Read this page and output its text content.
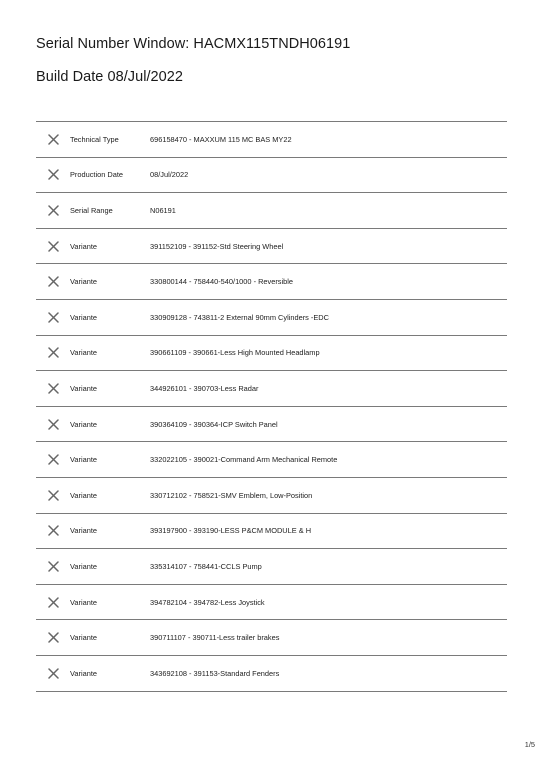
Serial Number Window: HACMX115TNDH06191
Build Date 08/Jul/2022
Technical Type	696158470 - MAXXUM 115 MC BAS MY22
Production Date	08/Jul/2022
Serial Range	N06191
Variante	391152109 - 391152-Std Steering Wheel
Variante	330800144 - 758440-540/1000 - Reversible
Variante	330909128 - 743811-2 External 90mm Cylinders -EDC
Variante	390661109 - 390661-Less High Mounted Headlamp
Variante	344926101 - 390703-Less Radar
Variante	390364109 - 390364-ICP Switch Panel
Variante	332022105 - 390021-Command Arm Mechanical Remote
Variante	330712102 - 758521-SMV Emblem, Low-Position
Variante	393197900 - 393190-LESS P&CM MODULE & H
Variante	335314107 - 758441-CCLS Pump
Variante	394782104 - 394782-Less Joystick
Variante	390711107 - 390711-Less trailer brakes
Variante	343692108 - 391153-Standard Fenders
1/5
